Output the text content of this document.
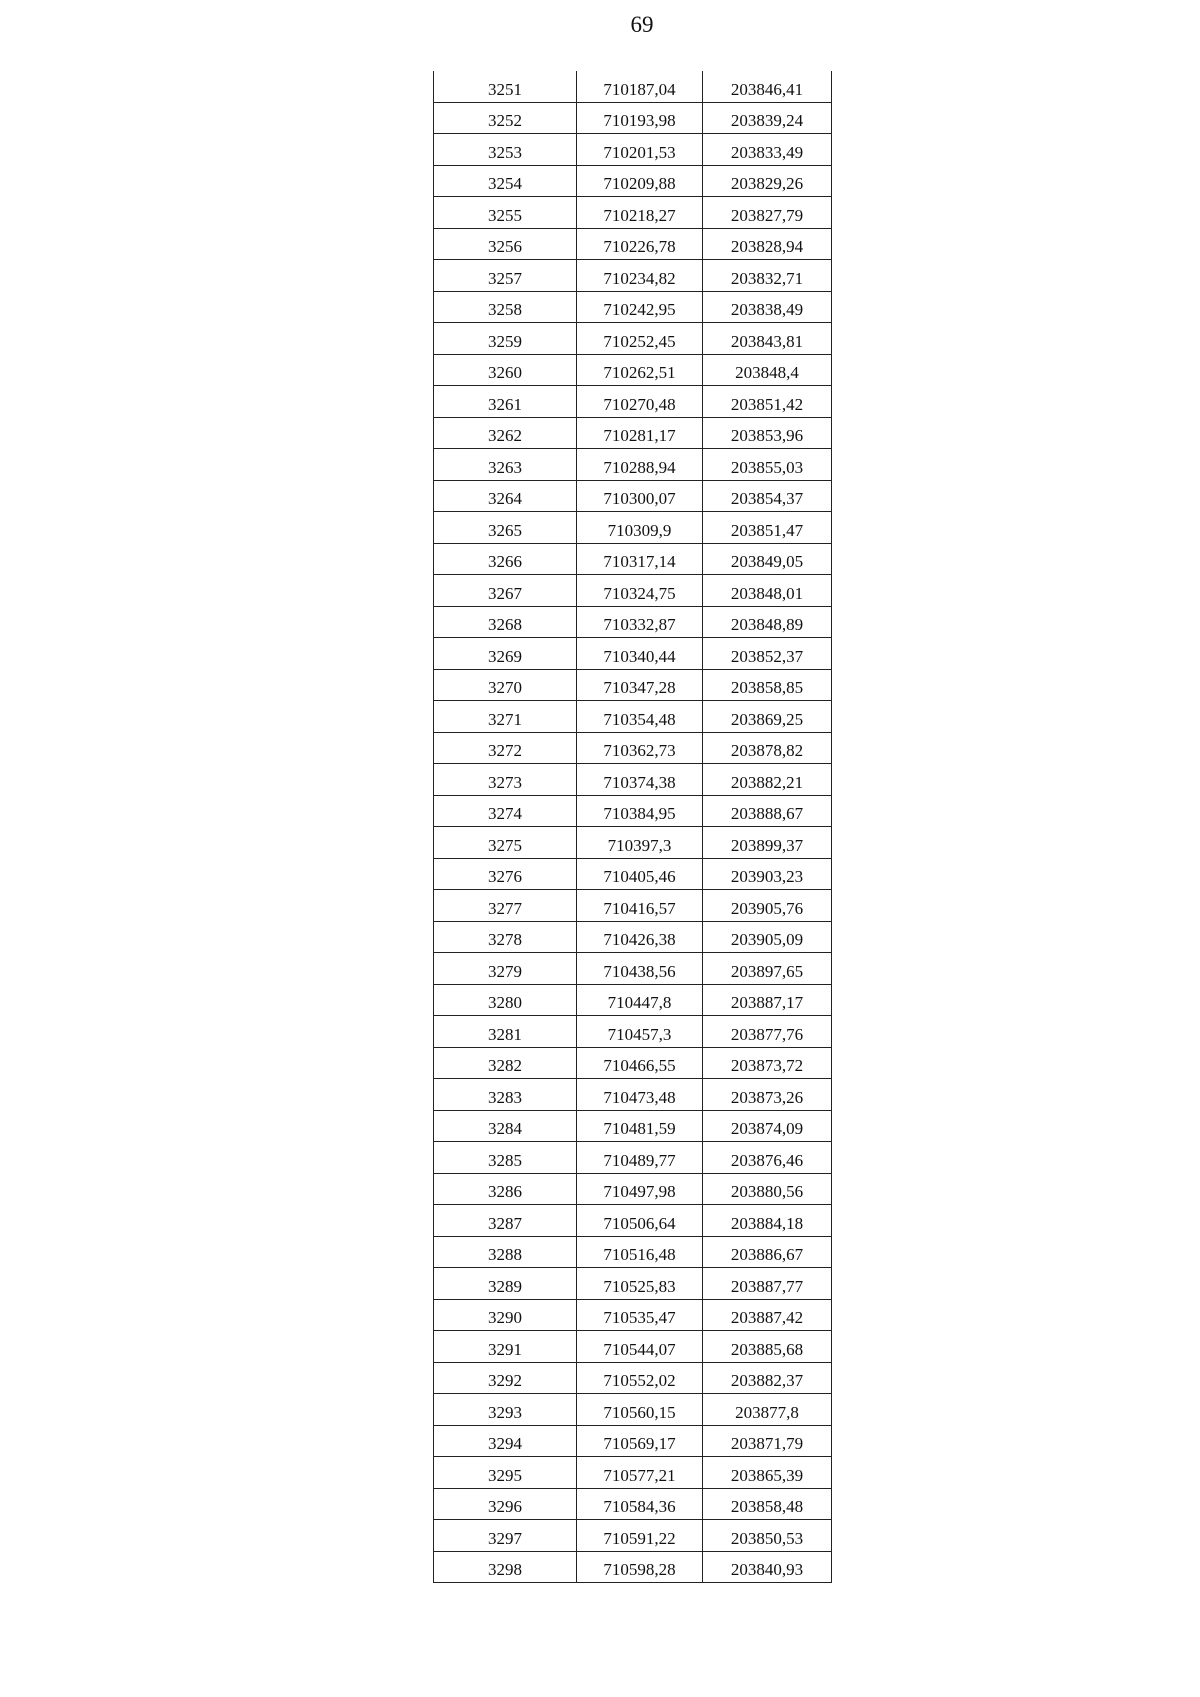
69
3251	710187,04	203846,41
3252	710193,98	203839,24
3253	710201,53	203833,49
3254	710209,88	203829,26
3255	710218,27	203827,79
3256	710226,78	203828,94
3257	710234,82	203832,71
3258	710242,95	203838,49
3259	710252,45	203843,81
3260	710262,51	203848,4
3261	710270,48	203851,42
3262	710281,17	203853,96
3263	710288,94	203855,03
3264	710300,07	203854,37
3265	710309,9	203851,47
3266	710317,14	203849,05
3267	710324,75	203848,01
3268	710332,87	203848,89
3269	710340,44	203852,37
3270	710347,28	203858,85
3271	710354,48	203869,25
3272	710362,73	203878,82
3273	710374,38	203882,21
3274	710384,95	203888,67
3275	710397,3	203899,37
3276	710405,46	203903,23
3277	710416,57	203905,76
3278	710426,38	203905,09
3279	710438,56	203897,65
3280	710447,8	203887,17
3281	710457,3	203877,76
3282	710466,55	203873,72
3283	710473,48	203873,26
3284	710481,59	203874,09
3285	710489,77	203876,46
3286	710497,98	203880,56
3287	710506,64	203884,18
3288	710516,48	203886,67
3289	710525,83	203887,77
3290	710535,47	203887,42
3291	710544,07	203885,68
3292	710552,02	203882,37
3293	710560,15	203877,8
3294	710569,17	203871,79
3295	710577,21	203865,39
3296	710584,36	203858,48
3297	710591,22	203850,53
3298	710598,28	203840,93
